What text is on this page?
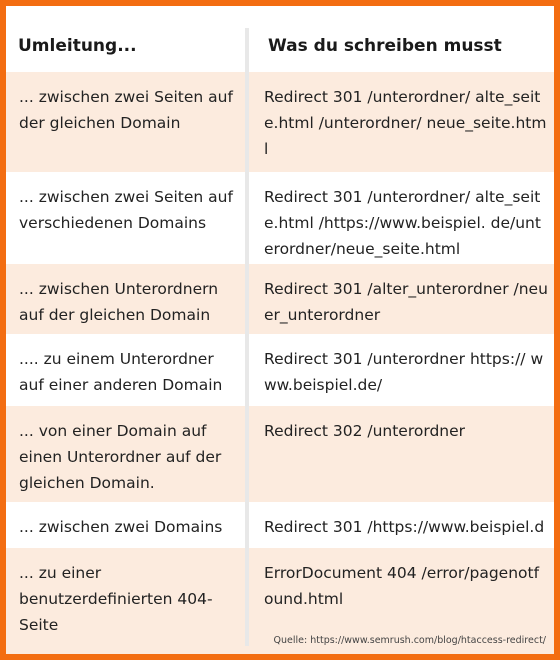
Umleitung...	Was du schreiben musst
... zwischen zwei Seiten auf der gleichen Domain
Redirect 301 /unterordner/ alte_seite.html /unterordner/ neue_seite.html
... zwischen zwei Seiten auf verschiedenen Domains
Redirect 301 /unterordner/ alte_seite.html /https://www.beispiel. de/unterordner/neue_seite.html
... zwischen Unterordnern auf der gleichen Domain
Redirect 301 /alter_unterordner /neuer_unterordner
.... zu einem Unterordner auf einer anderen Domain
Redirect 301 /unterordner https:// www.beispiel.de/
... von einer Domain auf einen Unterordner auf der gleichen Domain.
Redirect 302 /unterordner
... zwischen zwei Domains	Redirect 301 /https://www.beispiel.d
... zu einer benutzerdefinierten 404-Seite
ErrorDocument 404 /error/pagenotfound.html
Quelle: https://www.semrush.com/blog/htaccess-redirect/
